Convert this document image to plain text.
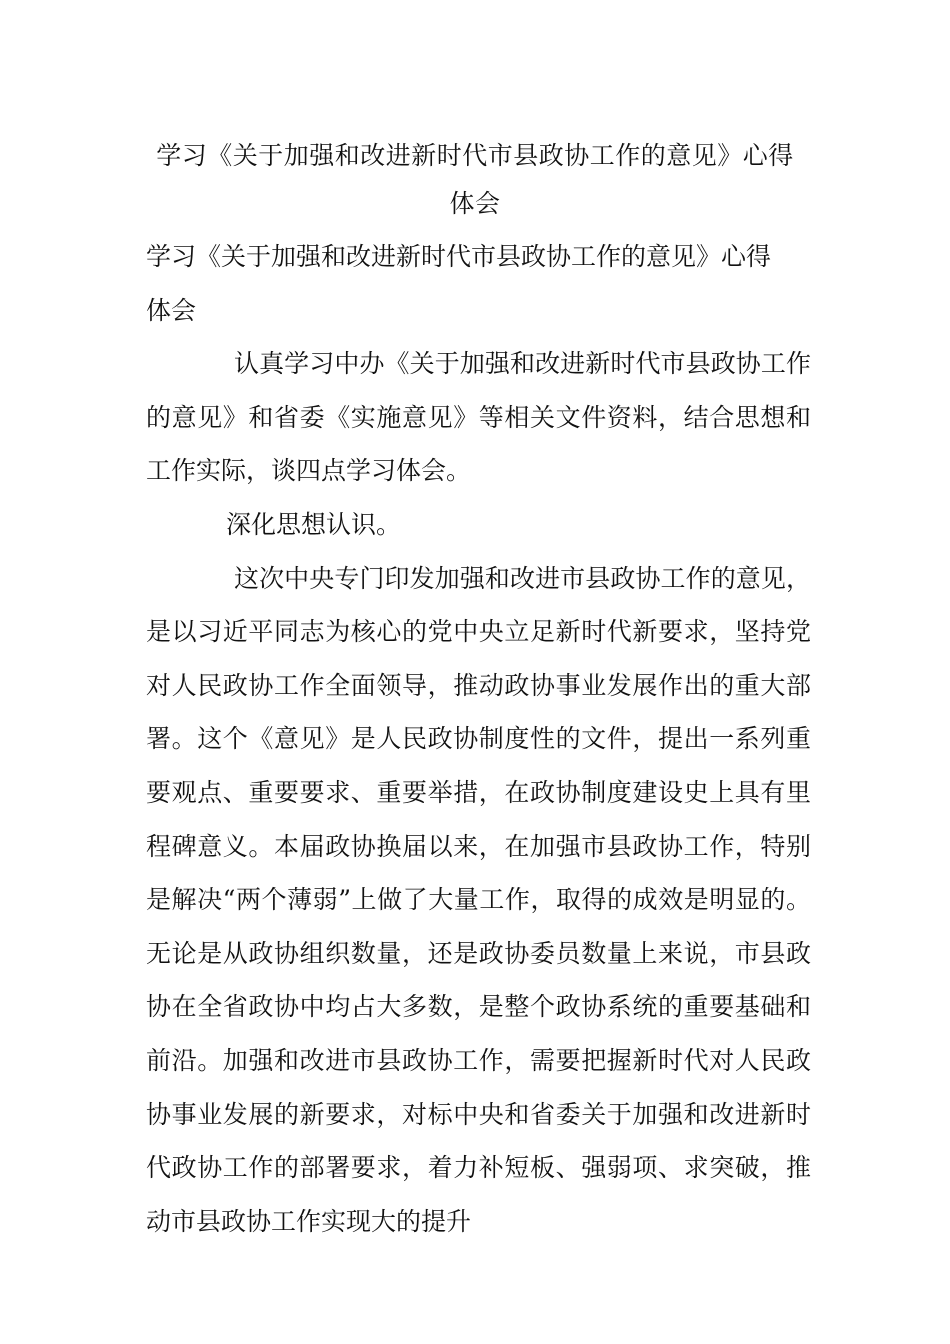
学习《关于加强和改进新时代市县政协工作的意见》心得
体会

学习《关于加强和改进新时代市县政协工作的意见》心得

体会

认真学习中办《关于加强和改进新时代市县政协工作的意见》和省委《实施意见》等相关文件资料，结合思想和工作实际，谈四点学习体会。

深化思想认识。

这次中央专门印发加强和改进市县政协工作的意见，是以习近平同志为核心的党中央立足新时代新要求，坚持党对人民政协工作全面领导，推动政协事业发展作出的重大部署。这个《意见》是人民政协制度性的文件，提出一系列重要观点、重要要求、重要举措，在政协制度建设史上具有里程碑意义。本届政协换届以来，在加强市县政协工作，特别是解决“两个薄弱”上做了大量工作，取得的成效是明显的。无论是从政协组织数量，还是政协委员数量上来说，市县政协在全省政协中均占大多数，是整个政协系统的重要基础和前沿。加强和改进市县政协工作，需要把握新时代对人民政协事业发展的新要求，对标中央和省委关于加强和改进新时代政协工作的部署要求，着力补短板、强弱项、求突破，推动市县政协工作实现大的提升
